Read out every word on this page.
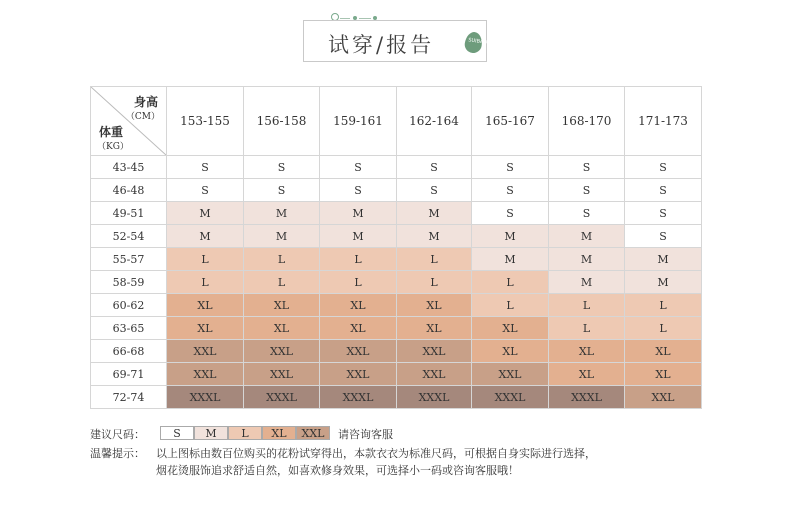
试穿/报告	SUIBAO
身高
（CM）
体重
（KG）	153-155	156-158	159-161	162-164	165-167	168-170	171-173
43-45	S	S	S	S	S	S	S
46-48	S	S	S	S	S	S	S
49-51	M	M	M	M	S	S	S
52-54	M	M	M	M	M	M	S
55-57	L	L	L	L	M	M	M
58-59	L	L	L	L	L	M	M
60-62	XL	XL	XL	XL	L	L	L
63-65	XL	XL	XL	XL	XL	L	L
66-68	XXL	XXL	XXL	XXL	XL	XL	XL
69-71	XXL	XXL	XXL	XXL	XXL	XL	XL
72-74	XXXL	XXXL	XXXL	XXXL	XXXL	XXXL	XXL
建议尺码：	S	M	L	XL	XXL	请咨询客服
温馨提示： 以上图标由数百位购买的花粉试穿得出，本款衣衣为标准尺码，可根据自身实际进行选择，
烟花烫服饰追求舒适自然，如喜欢修身效果，可选择小一码或咨询客服哦！
